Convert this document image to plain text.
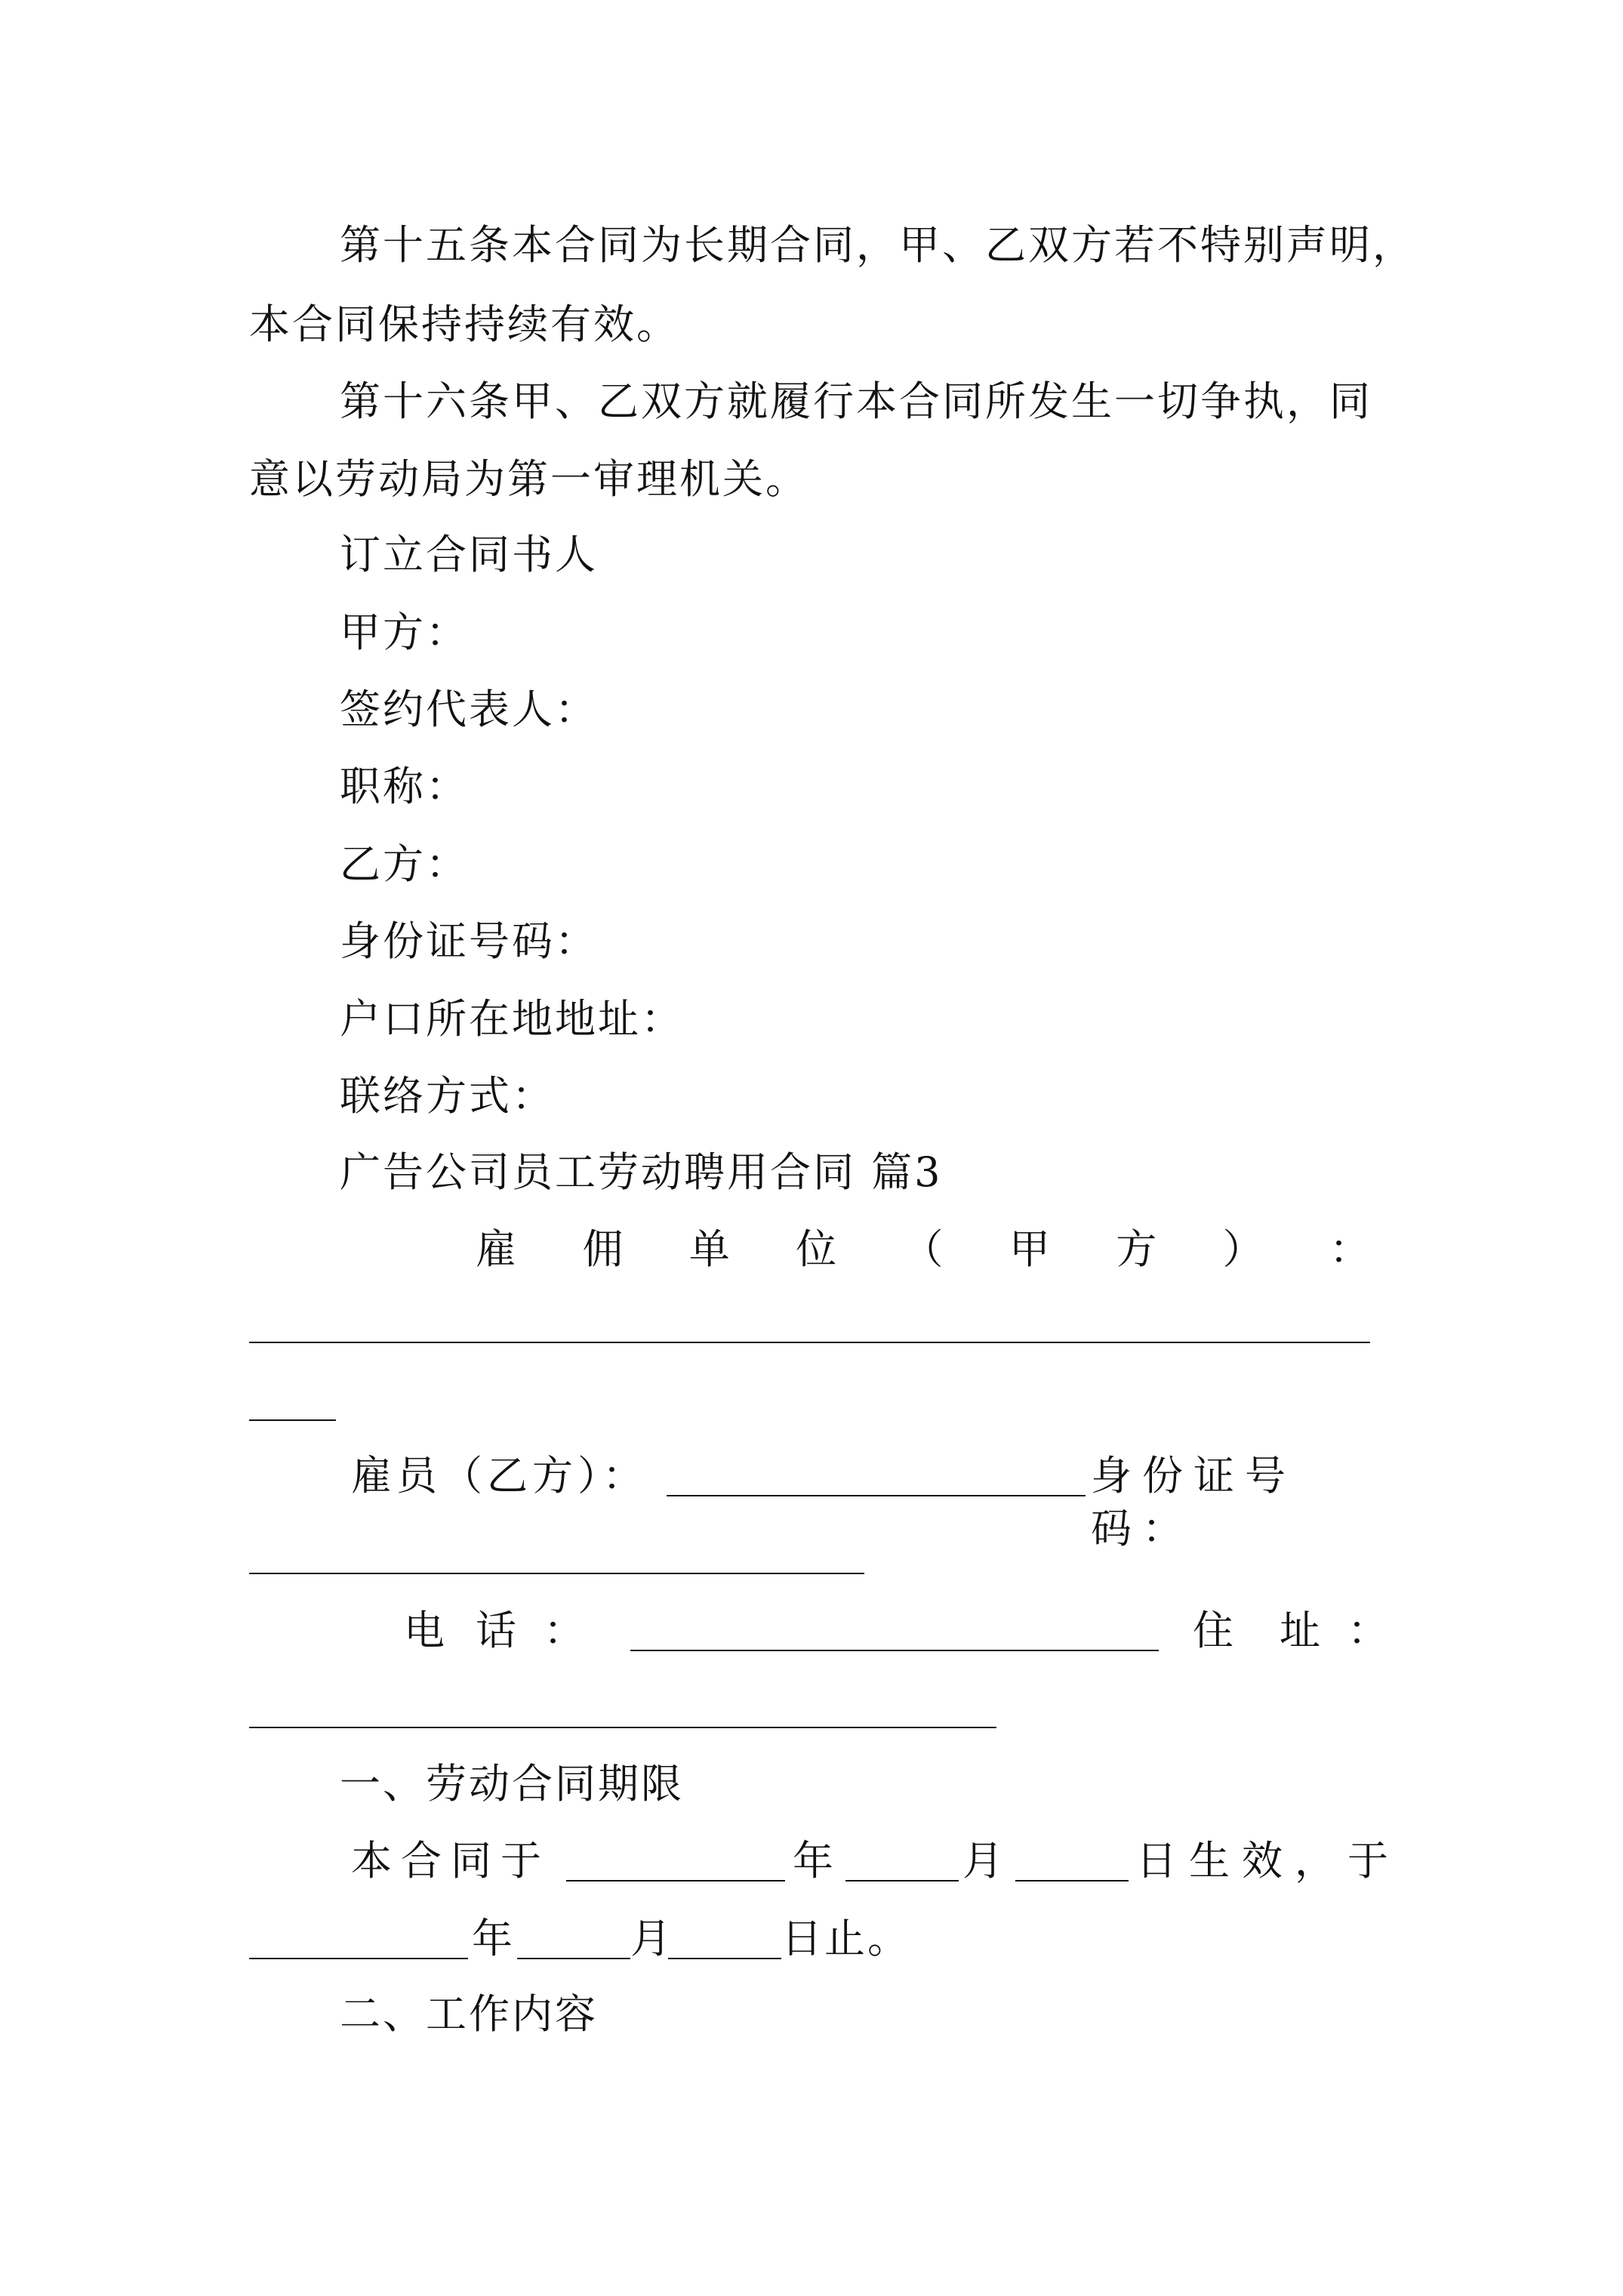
第十五条本合同为长期合同，甲、乙双方若不特别声明，
本合同保持持续有效。
第十六条甲、乙双方就履行本合同所发生一切争执，同
意以劳动局为第一审理机关。
订立合同书人
甲方：
签约代表人：
职称：
乙方：
身份证号码：
户口所在地地址：
联络方式：
广告公司员工劳动聘用合同 篇3
雇 佣 单 位 （ 甲 方 ） ：
雇员（乙方）：	身份证号码：
电 话 ：	住 址 ：
一、劳动合同期限
本合同于	年	月	日生效， 于
年	月	日止。
二、工作内容
